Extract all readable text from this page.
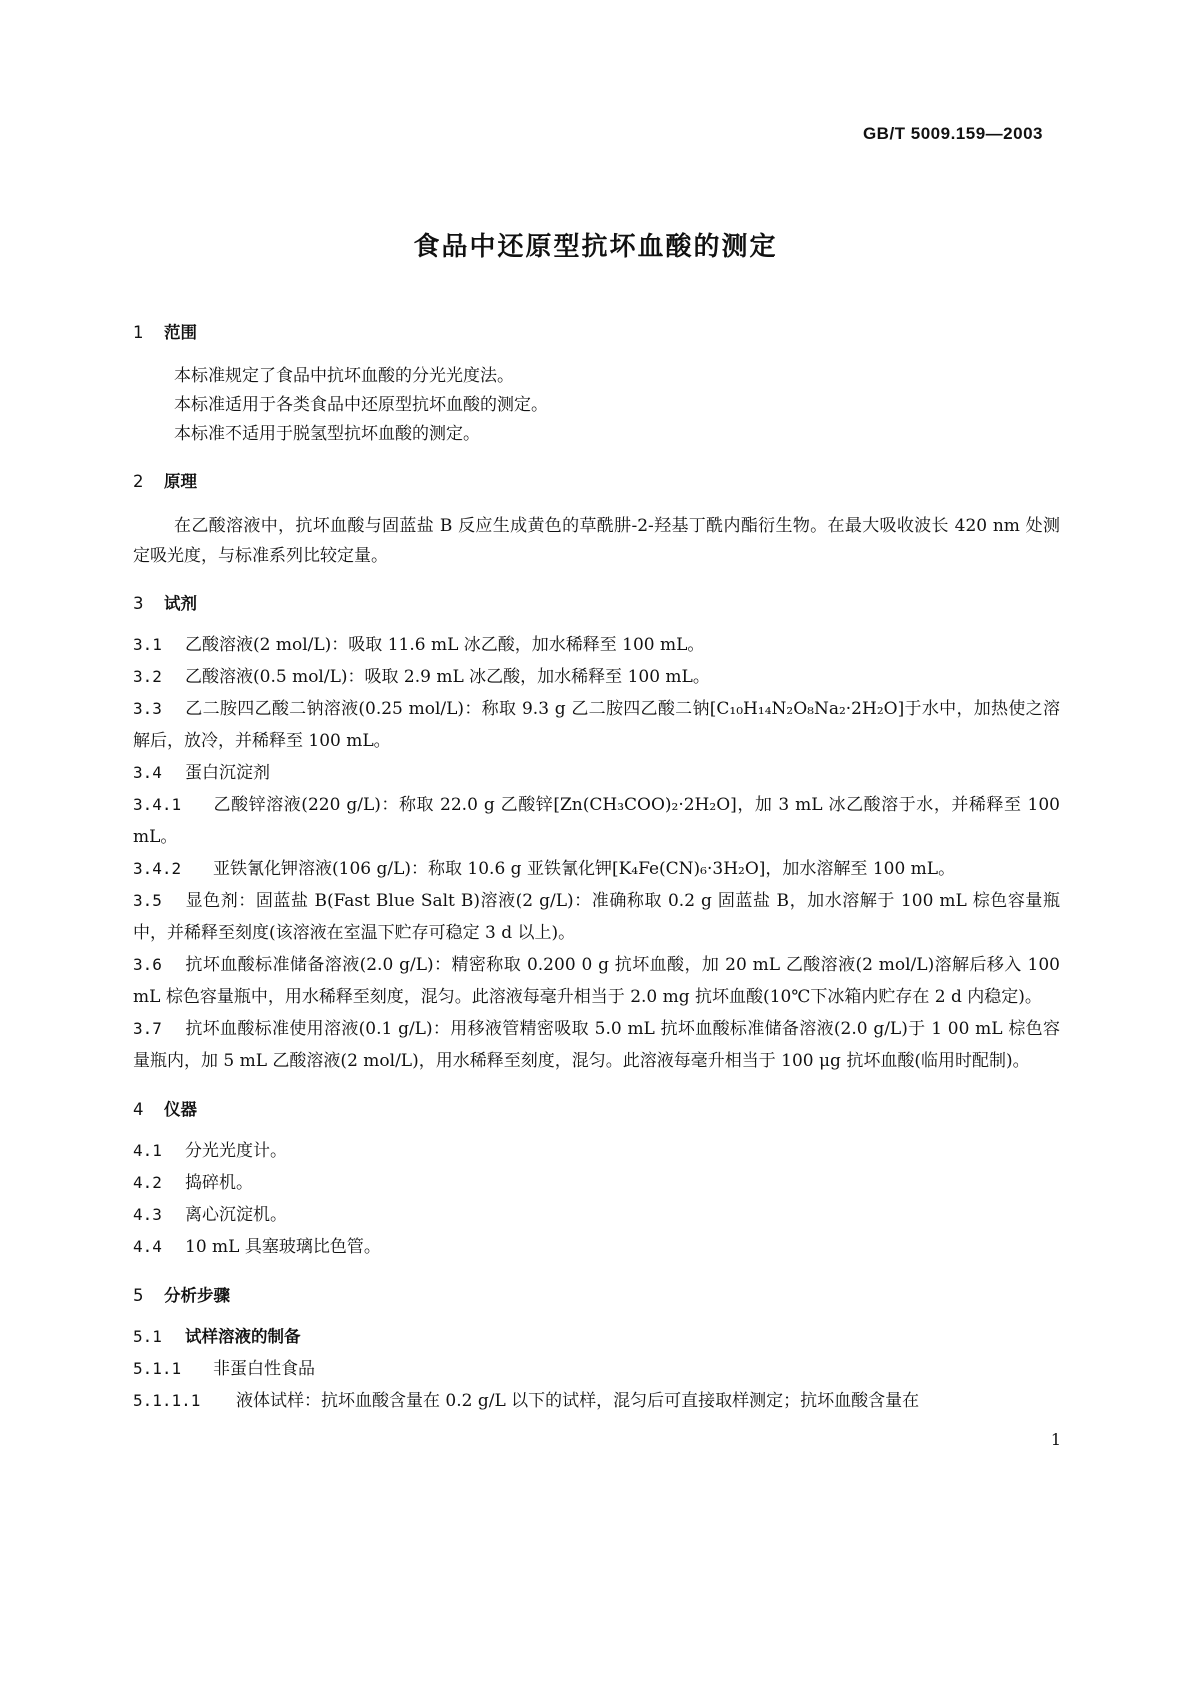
GB/T 5009.159—2003
食品中还原型抗坏血酸的测定
1 范围

本标准规定了食品中抗坏血酸的分光光度法。

本标准适用于各类食品中还原型抗坏血酸的测定。

本标准不适用于脱氢型抗坏血酸的测定。

2 原理

在乙酸溶液中，抗坏血酸与固蓝盐 B 反应生成黄色的草酰肼-2-羟基丁酰内酯衍生物。在最大吸收波长 420 nm 处测定吸光度，与标准系列比较定量。

3 试剂

3.1 乙酸溶液(2 mol/L)：吸取 11.6 mL 冰乙酸，加水稀释至 100 mL。

3.2 乙酸溶液(0.5 mol/L)：吸取 2.9 mL 冰乙酸，加水稀释至 100 mL。

3.3 乙二胺四乙酸二钠溶液(0.25 mol/L)：称取 9.3 g 乙二胺四乙酸二钠[C₁₀H₁₄N₂O₈Na₂·2H₂O]于水中，加热使之溶解后，放冷，并稀释至 100 mL。

3.4 蛋白沉淀剂

3.4.1 乙酸锌溶液(220 g/L)：称取 22.0 g 乙酸锌[Zn(CH₃COO)₂·2H₂O]，加 3 mL 冰乙酸溶于水，并稀释至 100 mL。

3.4.2 亚铁氰化钾溶液(106 g/L)：称取 10.6 g 亚铁氰化钾[K₄Fe(CN)₆·3H₂O]，加水溶解至 100 mL。

3.5 显色剂：固蓝盐 B(Fast Blue Salt B)溶液(2 g/L)：准确称取 0.2 g 固蓝盐 B，加水溶解于 100 mL 棕色容量瓶中，并稀释至刻度(该溶液在室温下贮存可稳定 3 d 以上)。

3.6 抗坏血酸标准储备溶液(2.0 g/L)：精密称取 0.200 0 g 抗坏血酸，加 20 mL 乙酸溶液(2 mol/L)溶解后移入 100 mL 棕色容量瓶中，用水稀释至刻度，混匀。此溶液每毫升相当于 2.0 mg 抗坏血酸(10℃下冰箱内贮存在 2 d 内稳定)。

3.7 抗坏血酸标准使用溶液(0.1 g/L)：用移液管精密吸取 5.0 mL 抗坏血酸标准储备溶液(2.0 g/L)于 1 00 mL 棕色容量瓶内，加 5 mL 乙酸溶液(2 mol/L)，用水稀释至刻度，混匀。此溶液每毫升相当于 100 μg 抗坏血酸(临用时配制)。

4 仪器

4.1 分光光度计。

4.2 捣碎机。

4.3 离心沉淀机。

4.4 10 mL 具塞玻璃比色管。

5 分析步骤

5.1 试样溶液的制备

5.1.1 非蛋白性食品

5.1.1.1 液体试样：抗坏血酸含量在 0.2 g/L 以下的试样，混匀后可直接取样测定；抗坏血酸含量在

1
